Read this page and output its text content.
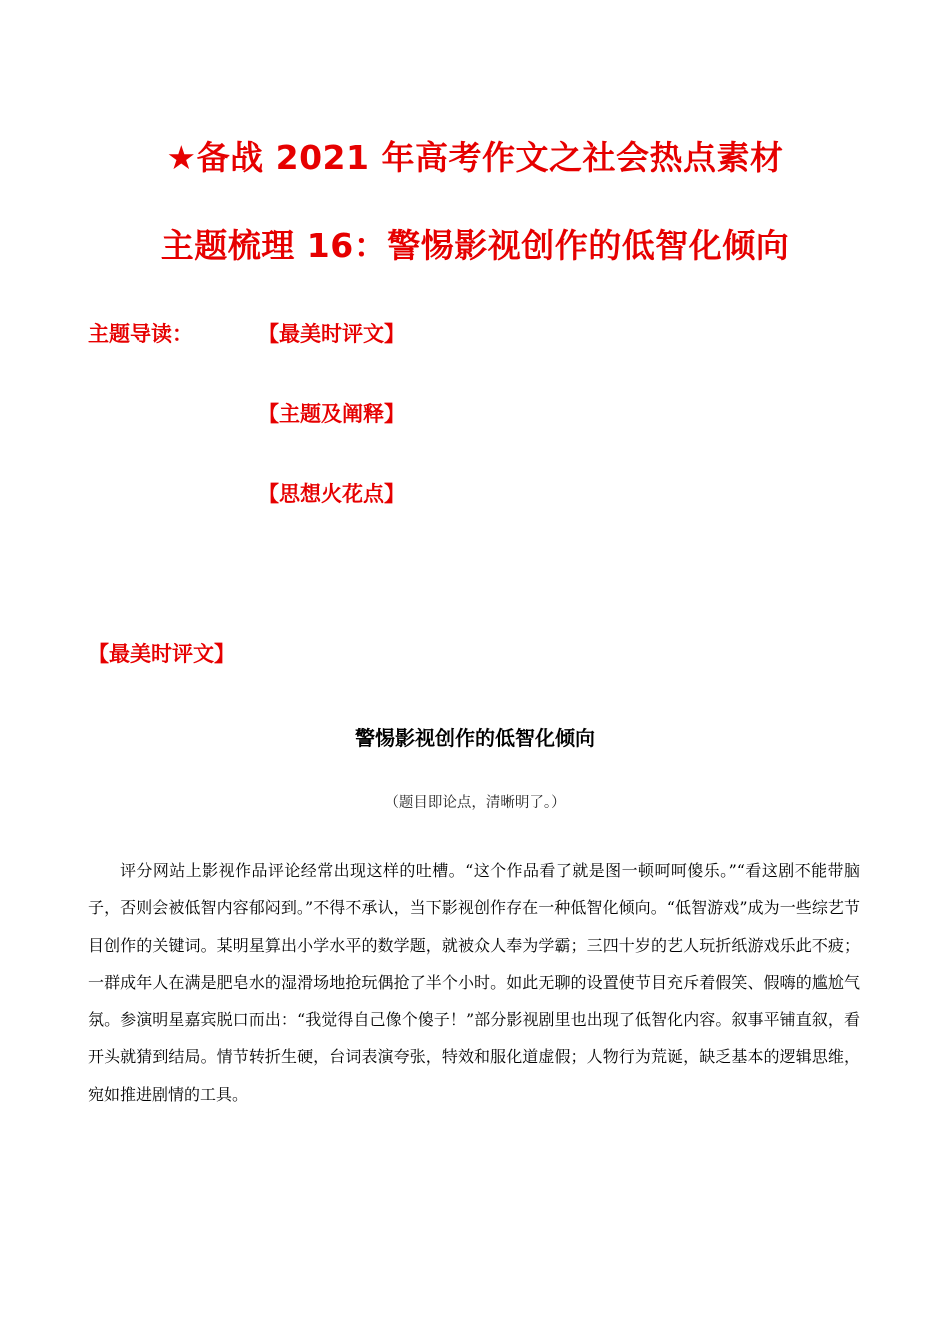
★备战 2021 年高考作文之社会热点素材
主题梳理 16：警惕影视创作的低智化倾向
主题导读：	【最美时评文】
【主题及阐释】
【思想火花点】
【最美时评文】
警惕影视创作的低智化倾向
（题目即论点，清晰明了。）

评分网站上影视作品评论经常出现这样的吐槽。“这个作品看了就是图一顿呵呵傻乐。”“看这剧不能带脑子，否则会被低智内容郁闷到。”不得不承认，当下影视创作存在一种低智化倾向。“低智游戏”成为一些综艺节目创作的关键词。某明星算出小学水平的数学题，就被众人奉为学霸；三四十岁的艺人玩折纸游戏乐此不疲；一群成年人在满是肥皂水的湿滑场地抢玩偶抢了半个小时。如此无聊的设置使节目充斥着假笑、假嗨的尴尬气氛。参演明星嘉宾脱口而出：“我觉得自己像个傻子！”部分影视剧里也出现了低智化内容。叙事平铺直叙，看开头就猜到结局。情节转折生硬，台词表演夸张，特效和服化道虚假；人物行为荒诞，缺乏基本的逻辑思维，宛如推进剧情的工具。
